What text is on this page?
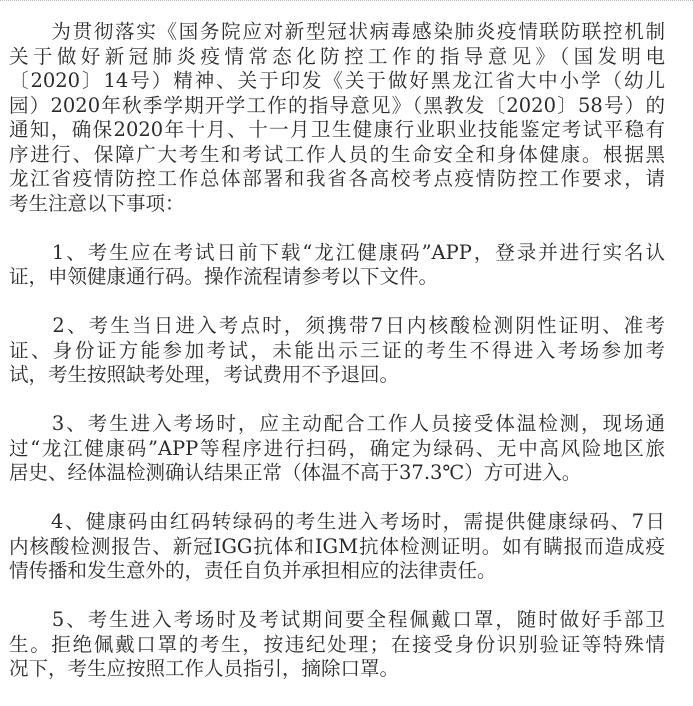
　　为贯彻落实《国务院应对新型冠状病毒感染肺炎疫情联防联控机制
关于做好新冠肺炎疫情常态化防控工作的指导意见》（国发明电
〔2020〕14号）精神、关于印发《关于做好黑龙江省大中小学（幼儿
园）2020年秋季学期开学工作的指导意见》（黑教发〔2020〕58号）的
通知，确保2020年十月、十一月卫生健康行业职业技能鉴定考试平稳有
序进行、保障广大考生和考试工作人员的生命安全和身体健康。根据黑
龙江省疫情防控工作总体部署和我省各高校考点疫情防控工作要求，请
考生注意以下事项：
　　1、考生应在考试日前下载“龙江健康码”APP，登录并进行实名认
证，申领健康通行码。操作流程请参考以下文件。
　　2、考生当日进入考点时，须携带7日内核酸检测阴性证明、准考
证、身份证方能参加考试，未能出示三证的考生不得进入考场参加考
试，考生按照缺考处理，考试费用不予退回。
　　3、考生进入考场时，应主动配合工作人员接受体温检测，现场通
过“龙江健康码”APP等程序进行扫码，确定为绿码、无中高风险地区旅
居史、经体温检测确认结果正常（体温不高于37.3℃）方可进入。
　　4、健康码由红码转绿码的考生进入考场时，需提供健康绿码、7日
内核酸检测报告、新冠IGG抗体和IGM抗体检测证明。如有瞒报而造成疫
情传播和发生意外的，责任自负并承担相应的法律责任。
　　5、考生进入考场时及考试期间要全程佩戴口罩，随时做好手部卫
生。拒绝佩戴口罩的考生，按违纪处理；在接受身份识别验证等特殊情
况下，考生应按照工作人员指引，摘除口罩。
